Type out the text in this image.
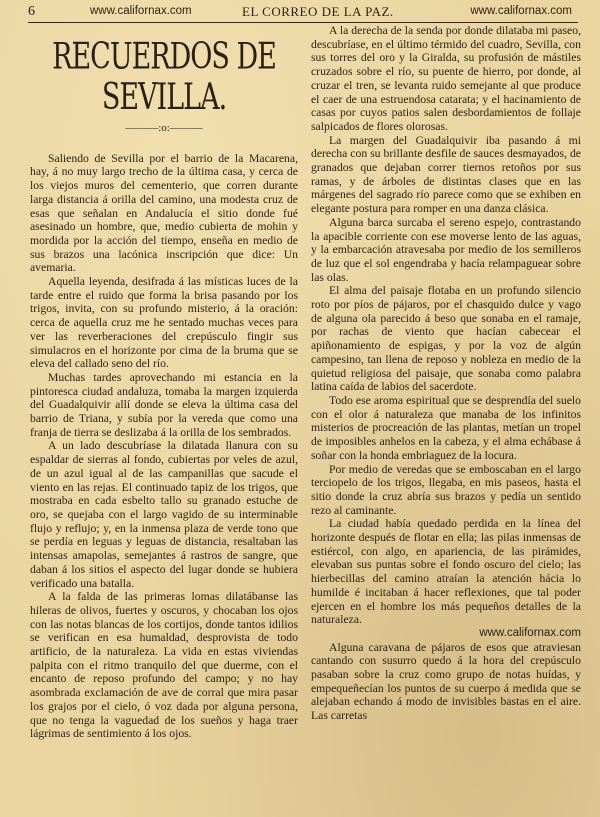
6	www.californax.com	EL CORREO DE LA PAZ.	www.californax.com
RECUERDOS DE SEVILLA.
———:o:———

Saliendo de Sevilla por el barrio de la Macarena, hay, á no muy largo trecho de la última casa, y cerca de los viejos muros del cementerio, que corren durante larga distancia á orilla del camino, una modesta cruz de esas que señalan en Andalucía el sitio donde fué asesinado un hombre, que, medio cubierta de mohin y mordida por la acción del tiempo, enseña en medio de sus brazos una lacónica inscripción que dice: Un avemaria.

Aquella leyenda, desifrada á las místicas luces de la tarde entre el ruido que forma la brisa pasando por los trigos, invita, con su profundo misterio, á la oración: cerca de aquella cruz me he sentado muchas veces para ver las reverberaciones del crepúsculo fingir sus simulacros en el horizonte por cima de la bruma que se eleva del callado seno del río.

Muchas tardes aprovechando mi estancia en la pintoresca ciudad andaluza, tomaba la margen izquierda del Guadalquivir allí donde se eleva la última casa del barrio de Triana, y subía por la vereda que como una franja de tierra se deslizaba á la orilla de los sembrados.

A un lado descubríase la dilatada llanura con su espaldar de sierras al fondo, cubiertas por veles de azul, de un azul igual al de las campanillas que sacude el viento en las rejas. El continuado tapiz de los trigos, que mostraba en cada esbelto tallo su granado estuche de oro, se quejaba con el largo vagido de su interminable flujo y reflujo; y, en la inmensa plaza de verde tono que se perdía en leguas y leguas de distancia, resaltaban las intensas amapolas, semejantes á rastros de sangre, que daban á los sitios el aspecto del lugar donde se hubiera verificado una batalla.

A la falda de las primeras lomas dilatábanse las hileras de olivos, fuertes y oscuros, y chocaban los ojos con las notas blancas de los cortijos, donde tantos idilios se verifican en esa humaldad, desprovista de todo artificio, de la naturaleza. La vida en estas viviendas palpita con el ritmo tranquilo del que duerme, con el encanto de reposo profundo del campo; y no hay asombrada exclamación de ave de corral que mira pasar los grajos por el cielo, ó voz dada por alguna persona, que no tenga la vaguedad de los sueños y haga traer lágrimas de sentimiento á los ojos.

A la derecha de la senda por donde dilataba mi paseo, descubríase, en el último térmido del cuadro, Sevilla, con sus torres del oro y la Giralda, su profusión de mástiles cruzados sobre el río, su puente de hierro, por donde, al cruzar el tren, se levanta ruido semejante al que produce el caer de una estruendosa catarata; y el hacinamiento de casas por cuyos patios salen desbordamientos de follaje salpicados de flores olorosas.

La margen del Guadalquivir iba pasando á mi derecha con su brillante desfile de sauces desmayados, de granados que dejaban correr tiernos retoños por sus ramas, y de árboles de distintas clases que en las márgenes del sagrado río parece como que se exhiben en elegante postura para romper en una danza clásica.

Alguna barca surcaba el sereno espejo, contrastando la apacible corriente con ese moverse lento de las aguas, y la embarcación atravesaba por medio de los semilleros de luz que el sol engendraba y hacía relampaguear sobre las olas.

El alma del paisaje flotaba en un profundo silencio roto por píos de pájaros, por el chasquido dulce y vago de alguna ola parecido á beso que sonaba en el ramaje, por rachas de viento que hacían cabecear el apiñonamiento de espigas, y por la voz de algún campesino, tan llena de reposo y nobleza en medio de la quietud religiosa del paisaje, que sonaba como palabra latina caída de labios del sacerdote.

Todo ese aroma espiritual que se desprendía del suelo con el olor á naturaleza que manaba de los infinitos misterios de procreación de las plantas, metían un tropel de imposibles anhelos en la cabeza, y el alma echábase á soñar con la honda embriaguez de la locura.

Por medio de veredas que se emboscaban en el largo terciopelo de los trigos, llegaba, en mis paseos, hasta el sitio donde la cruz abría sus brazos y pedía un sentido rezo al caminante.

La ciudad había quedado perdida en la línea del horizonte después de flotar en ella; las pilas inmensas de estiércol, con algo, en apariencia, de las pirámides, elevaban sus puntas sobre el fondo oscuro del cielo; las hierbecillas del camino atraían la atención hácia lo humilde é incitaban á hacer reflexiones, que tal poder ejercen en el hombre los más pequeños detalles de la naturaleza.

www.californax.com

Alguna caravana de pájaros de esos que atraviesan cantando con susurro quedo á la hora del crepúsculo pasaban sobre la cruz como grupo de notas huídas, y empequeñecían los puntos de su cuerpo á medida que se alejaban echando á modo de invisibles bastas en el aire. Las carretas
